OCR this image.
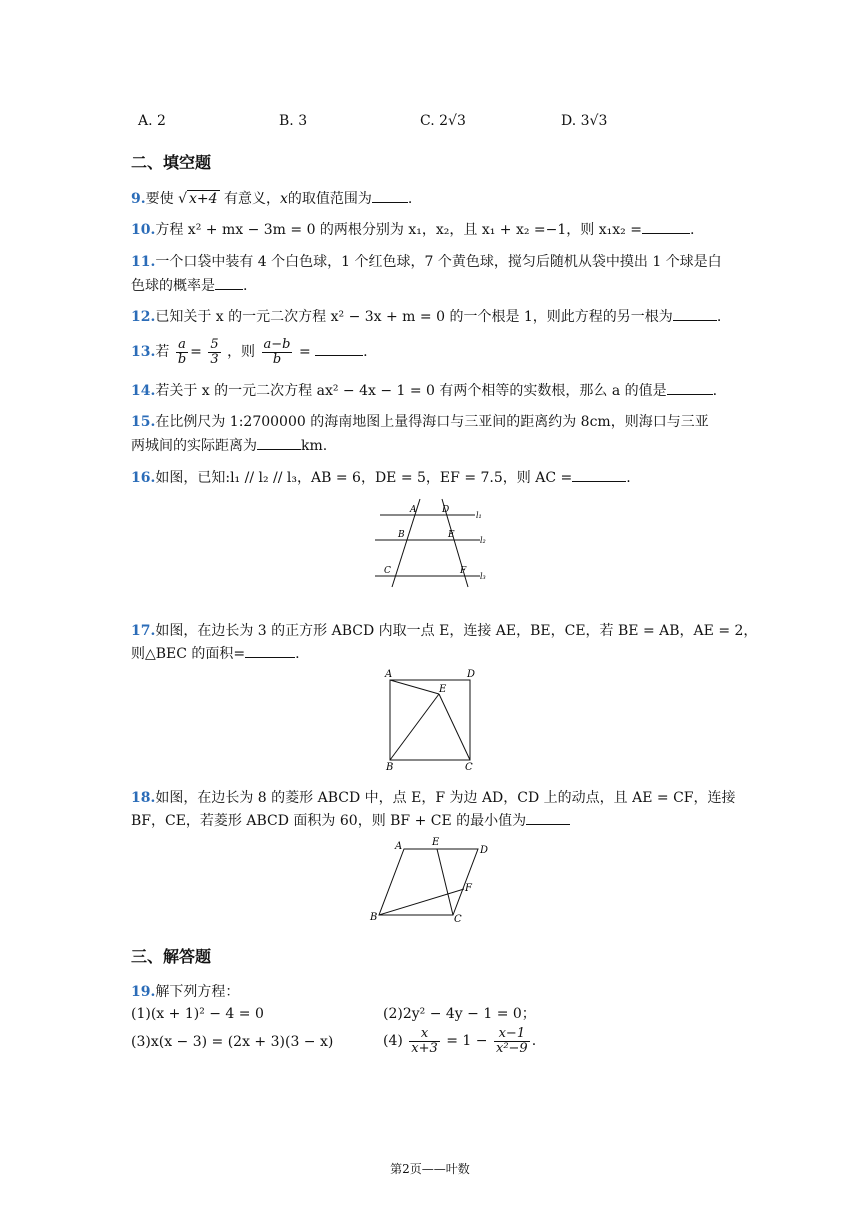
A. 2	B. 3	C. 2√3	D. 3√3
二、填空题
9.要使 √ x+4 有意义，x的取值范围为	.
10.方程 x² + mx − 3m = 0 的两根分别为 x₁，x₂，且 x₁ + x₂ =−1，则 x₁x₂ =	.
11.一个口袋中装有 4 个白色球，1 个红色球，7 个黄色球，搅匀后随机从袋中摸出 1 个球是白
色球的概率是 .
12.已知关于 x 的一元二次方程 x² − 3x + m = 0 的一个根是 1，则此方程的另一根为	.
13.若 $\frac{a}{b} = \frac{5}{3}$ ，则 $\frac{a-b}{b}$ =	.
14.若关于 x 的一元二次方程 ax² − 4x − 1 = 0 有两个相等的实数根，那么 a 的值是	.
15.在比例尺为 1:2700000 的海南地图上量得海口与三亚间的距离约为 8cm，则海口与三亚
两城间的实际距离为	km.
16.如图，已知:l₁ // l₂ // l₃，AB = 6，DE = 5，EF = 7.5，则 AC =	.
A	D
B	E
C	F
l₁
l₂
l₃
17.如图，在边长为 3 的正方形 ABCD 内取一点 E，连接 AE，BE，CE，若 BE = AB，AE = 2，
则△BEC 的面积=	.
A	D
E
B	C
18.如图，在边长为 8 的菱形 ABCD 中，点 E，F 为边 AD，CD 上的动点，且 AE = CF，连接
BF，CE，若菱形 ABCD 面积为 60，则 BF + CE 的最小值为
A	E
D
F
B	C
三、解答题
19.解下列方程：
(1)(x + 1)² − 4 = 0	(2)2y² − 4y − 1 = 0；
(3)x(x − 3) = (2x + 3)(3 − x)	$(4) \frac{x}{x+3} = 1 - \frac{x-1}{\text{x²−9}}$ .
第2页——叶数
